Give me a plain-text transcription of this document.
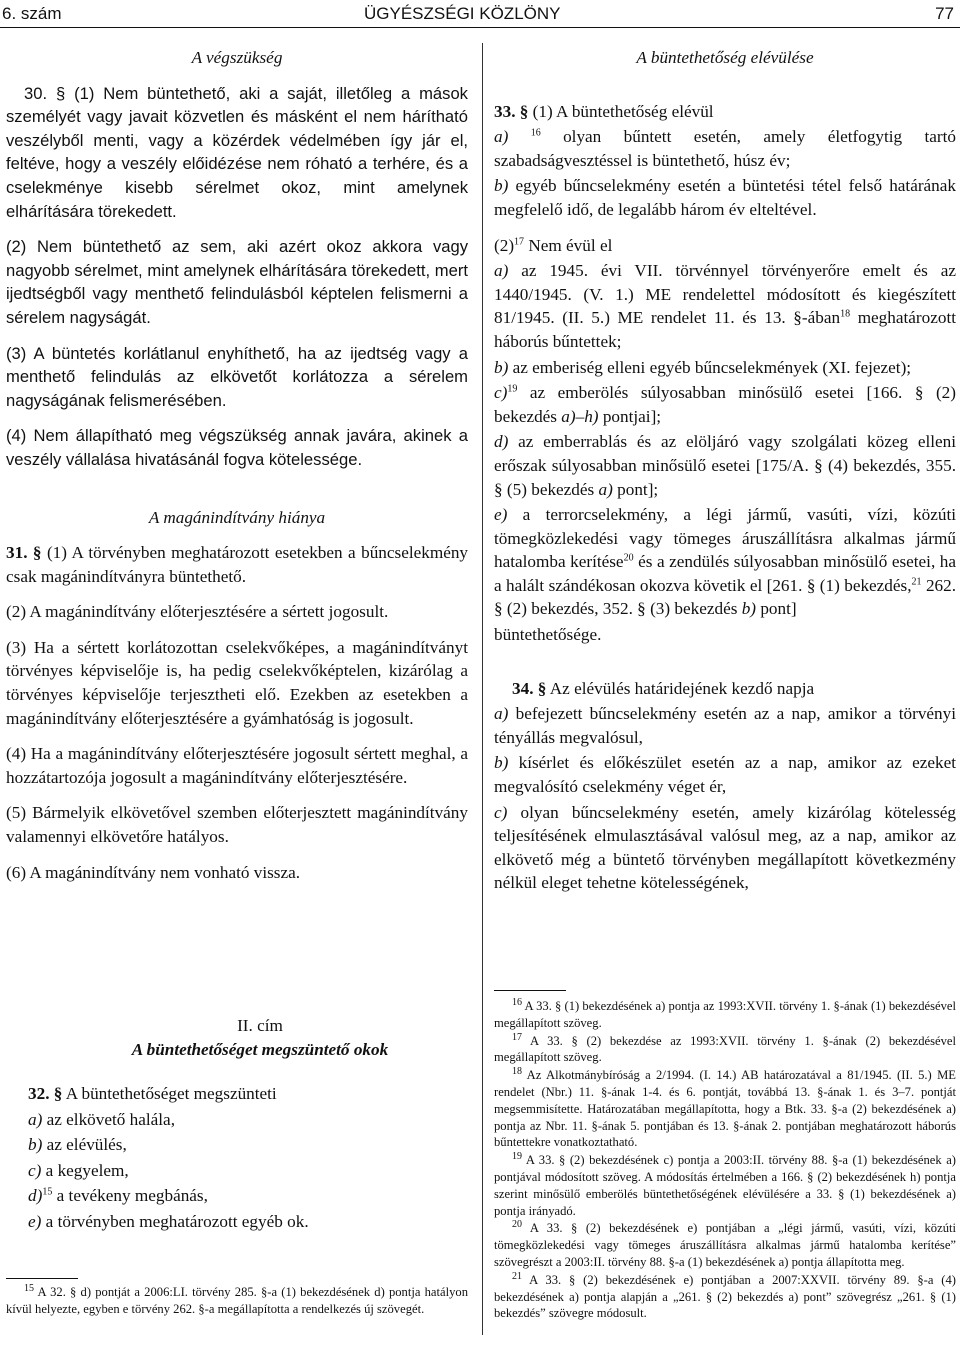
6. szám	ÜGYÉSZSÉGI KÖZLÖNY	77

A végszükség

30. § (1) Nem büntethető, aki a saját, illetőleg a mások személyét vagy javait közvetlen és másként el nem hárítható veszélyből menti, vagy a közérdek védelmében így jár el, feltéve, hogy a veszély előidézése nem róható a terhére, és a cselekménye kisebb sérelmet okoz, mint amelynek elhárítására törekedett.

(2) Nem büntethető az sem, aki azért okoz akkora vagy nagyobb sérelmet, mint amelynek elhárítására törekedett, mert ijedtségből vagy menthető felindulásból képtelen felismerni a sérelem nagyságát.

(3) A büntetés korlátlanul enyhíthető, ha az ijedtség vagy a menthető felindulás az elkövetőt korlátozza a sérelem nagyságának felismerésében.

(4) Nem állapítható meg végszükség annak javára, akinek a veszély vállalása hivatásánál fogva kötelessége.

A magánindítvány hiánya

31. § (1) A törvényben meghatározott esetekben a bűncselekmény csak magánindítványra büntethető.

(2) A magánindítvány előterjesztésére a sértett jogosult.

(3) Ha a sértett korlátozottan cselekvőképes, a magánindítványt törvényes képviselője is, ha pedig cselekvőképtelen, kizárólag a törvényes képviselője terjesztheti elő. Ezekben az esetekben a magánindítvány előterjesztésére a gyámhatóság is jogosult.

(4) Ha a magánindítvány előterjesztésére jogosult sértett meghal, a hozzátartozója jogosult a magánindítvány előterjesztésére.

(5) Bármelyik elkövetővel szemben előterjesztett magánindítvány valamennyi elkövetőre hatályos.

(6) A magánindítvány nem vonható vissza.

II. cím
A büntethetőséget megszüntető okok

32. § A büntethetőséget megszünteti

a) az elkövető halála,

b) az elévülés,

c) a kegyelem,

d)$^{15}$ a tevékeny megbánás,

e) a törvényben meghatározott egyéb ok.

$^{15}$ A 32. § d) pontját a 2006:LI. törvény 285. §-a (1) bekezdésének d) pontja hatályon kívül helyezte, egyben e törvény 262. §-a megállapította a rendelkezés új szövegét.

A büntethetőség elévülése

33. § (1) A büntethetőség elévül

a) $^{16}$ olyan bűntett esetén, amely életfogytig tartó szabadságvesztéssel is büntethető, húsz év;

b) egyéb bűncselekmény esetén a büntetési tétel felső határának megfelelő idő, de legalább három év elteltével.

$(2)^{17}$ Nem évül el

a) az 1945. évi VII. törvénnyel törvényerőre emelt és az 1440/1945. (V. 1.) ME rendelettel módosított és kiegészített 81/1945. (II. 5.) ME rendelet 11. és 13. §-ában$^{18}$ meghatározott háborús bűntettek;

b) az emberiség elleni egyéb bűncselekmények (XI. fejezet);

c)$^{19}$ az emberölés súlyosabban minősülő esetei [166. § (2) bekezdés a)–h) pontjai];

d) az emberrablás és az elöljáró vagy szolgálati közeg elleni erőszak súlyosabban minősülő esetei [175/A. § (4) bekezdés, 355. § (5) bekezdés a) pont];

e) a terrorcselekmény, a légi jármű, vasúti, vízi, közúti tömegközlekedési vagy tömeges áruszállításra alkalmas jármű hatalomba kerítése$^{20}$ és a zendülés súlyosabban minősülő esetei, ha a halált szándékosan okozva követik el [261. § (1) bekezdés,$^{21}$ 262. § (2) bekezdés, 352. § (3) bekezdés b) pont]

büntethetősége.

34. § Az elévülés határidejének kezdő napja

a) befejezett bűncselekmény esetén az a nap, amikor a törvényi tényállás megvalósul,

b) kísérlet és előkészület esetén az a nap, amikor az ezeket megvalósító cselekmény véget ér,

c) olyan bűncselekmény esetén, amely kizárólag kötelesség teljesítésének elmulasztásával valósul meg, az a nap, amikor az elkövető még a büntető törvényben megállapított következmény nélkül eleget tehetne kötelességének,

$^{16}$ A 33. § (1) bekezdésének a) pontja az 1993:XVII. törvény 1. §-ának (1) bekezdésével megállapított szöveg.

$^{17}$ A 33. § (2) bekezdése az 1993:XVII. törvény 1. §-ának (2) bekezdésével megállapított szöveg.

$^{18}$ Az Alkotmánybíróság a 2/1994. (I. 14.) AB határozatával a 81/1945. (II. 5.) ME rendelet (Nbr.) 11. §-ának 1-4. és 6. pontját, továbbá 13. §-ának 1. és 3–7. pontját megsemmisítette. Határozatában megállapította, hogy a Btk. 33. §-a (2) bekezdésének a) pontja az Nbr. 11. §-ának 5. pontjában és 13. §-ának 2. pontjában meghatározott háborús bűntettekre vonatkoztatható.

$^{19}$ A 33. § (2) bekezdésének c) pontja a 2003:II. törvény 88. §-a (1) bekezdésének a) pontjával módosított szöveg. A módosítás értelmében a 166. § (2) bekezdésének h) pontja szerint minősülő emberölés büntethetőségének elévülésére a 33. § (1) bekezdésének a) pontja irányadó.

$^{20}$ A 33. § (2) bekezdésének e) pontjában a „légi jármű, vasúti, vízi, közúti tömegközlekedési vagy tömeges áruszállításra alkalmas jármű hatalomba kerítése” szövegrészt a 2003:II. törvény 88. §-a (1) bekezdésének a) pontja állapította meg.

$^{21}$ A 33. § (2) bekezdésének e) pontjában a 2007:XXVII. törvény 89. §-a (4) bekezdésének a) pontja alapján a „261. § (2) bekezdés a) pont” szövegrész „261. § (1) bekezdés” szövegre módosult.
